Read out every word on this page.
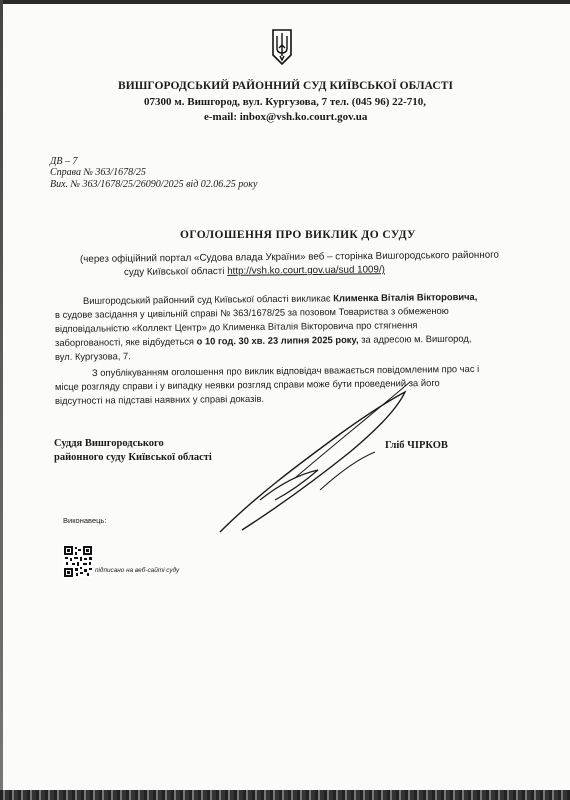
ВИШГОРОДСЬКИЙ РАЙОННИЙ СУД КИЇВСЬКОЇ ОБЛАСТІ
07300 м. Вишгород, вул. Кургузова, 7 тел. (045 96) 22-710,
e-mail: inbox@vsh.ko.court.gov.ua
ДВ – 7
Справа № 363/1678/25
Вих. № 363/1678/25/26090/2025 від 02.06.25 року
ОГОЛОШЕННЯ ПРО ВИКЛИК ДО СУДУ
(через офіційний портал «Судова влада України» веб – сторінка Вишгородського районного
суду Київської області http://vsh.ko.court.gov.ua/sud 1009/)
Вишгородський районний суд Київської області викликає Клименка Віталія Вікторовича,
в судове засідання у цивільній справі № 363/1678/25 за позовом Товариства з обмеженою
відповідальністю «Коллект Центр» до Клименка Віталія Вікторовича про стягнення
заборгованості, яке відбудеться о 10 год. 30 хв. 23 липня 2025 року, за адресою м. Вишгород,
вул. Кургузова, 7.
З опублікуванням оголошення про виклик відповідач вважається повідомленим про час і
місце розгляду справи і у випадку неявки розгляд справи може бути проведений за його
відсутності на підставі наявних у справі доказів.
Суддя Вишгородського
районного суду Київської області
Гліб ЧІРКОВ
Виконавець:
підписано на веб-сайті суду
